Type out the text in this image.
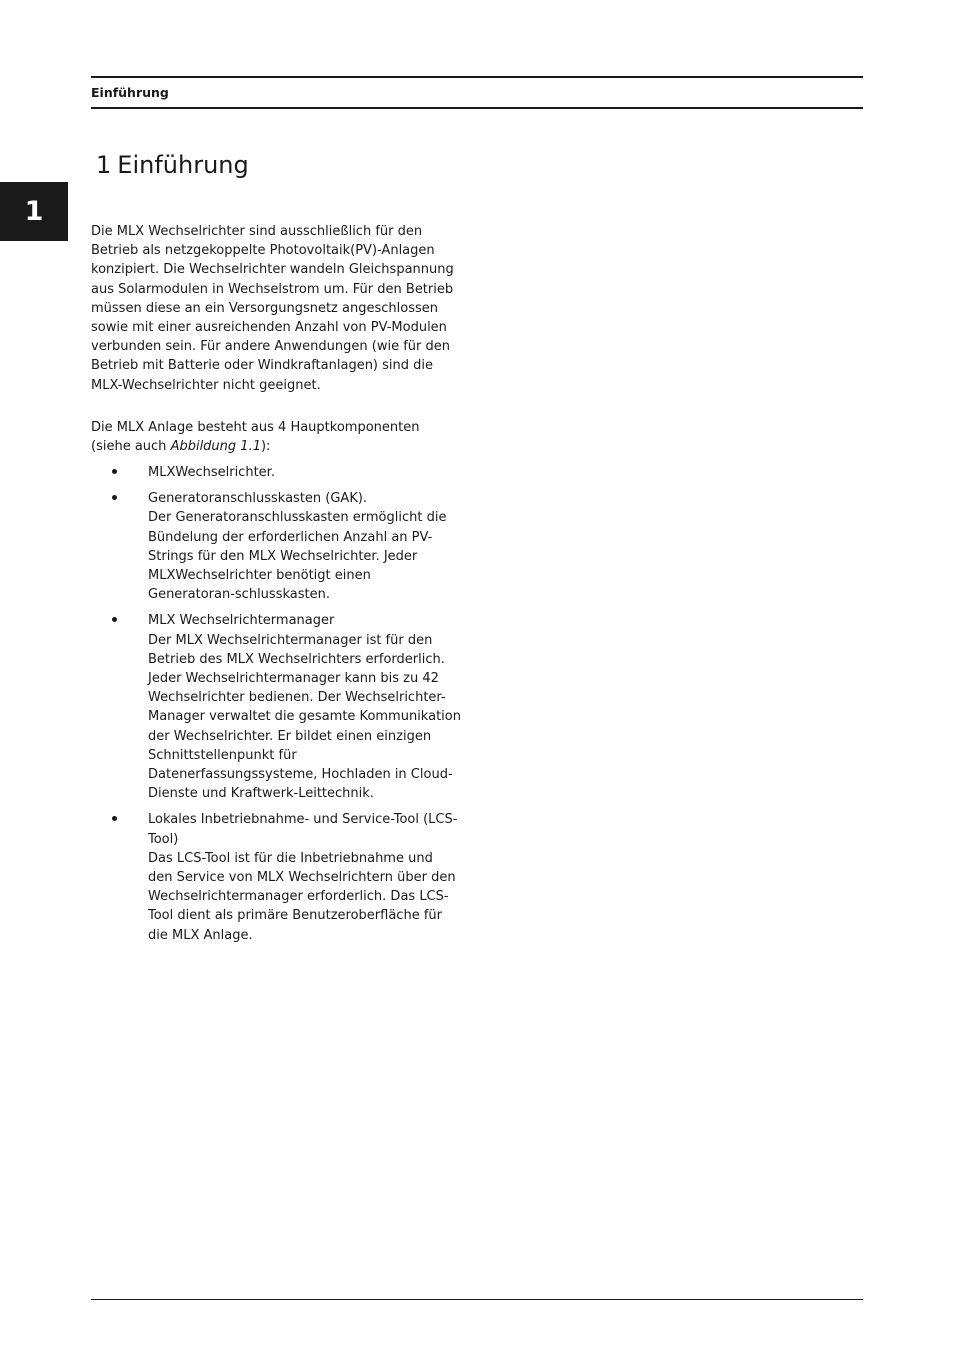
Einführung
1
1 Einführung

Die MLX Wechselrichter sind ausschließlich für den Betrieb als netzgekoppelte Photovoltaik(PV)-Anlagen konzipiert. Die Wechselrichter wandeln Gleichspannung aus Solarmodulen in Wechselstrom um. Für den Betrieb müssen diese an ein Versorgungsnetz angeschlossen sowie mit einer ausreichenden Anzahl von PV-Modulen verbunden sein. Für andere Anwendungen (wie für den Betrieb mit Batterie oder Windkraftanlagen) sind die MLX-Wechselrichter nicht geeignet.

Die MLX Anlage besteht aus 4 Hauptkomponenten (siehe auch Abbildung 1.1):

MLXWechselrichter.
Generatoranschlusskasten (GAK).
Der Generatoranschlusskasten ermöglicht die Bündelung der erforderlichen Anzahl an PV-Strings für den MLX Wechselrichter. Jeder MLXWechselrichter benötigt einen Generatoran-schlusskasten.
MLX Wechselrichtermanager
Der MLX Wechselrichtermanager ist für den Betrieb des MLX Wechselrichters erforderlich. Jeder Wechselrichtermanager kann bis zu 42 Wechselrichter bedienen. Der Wechselrichter-Manager verwaltet die gesamte Kommunikation der Wechselrichter. Er bildet einen einzigen Schnittstellenpunkt für Datenerfassungssysteme, Hochladen in Cloud-Dienste und Kraftwerk-Leittechnik.
Lokales Inbetriebnahme- und Service-Tool (LCS-Tool)
Das LCS-Tool ist für die Inbetriebnahme und den Service von MLX Wechselrichtern über den Wechselrichtermanager erforderlich. Das LCS-Tool dient als primäre Benutzeroberfläche für die MLX Anlage.
